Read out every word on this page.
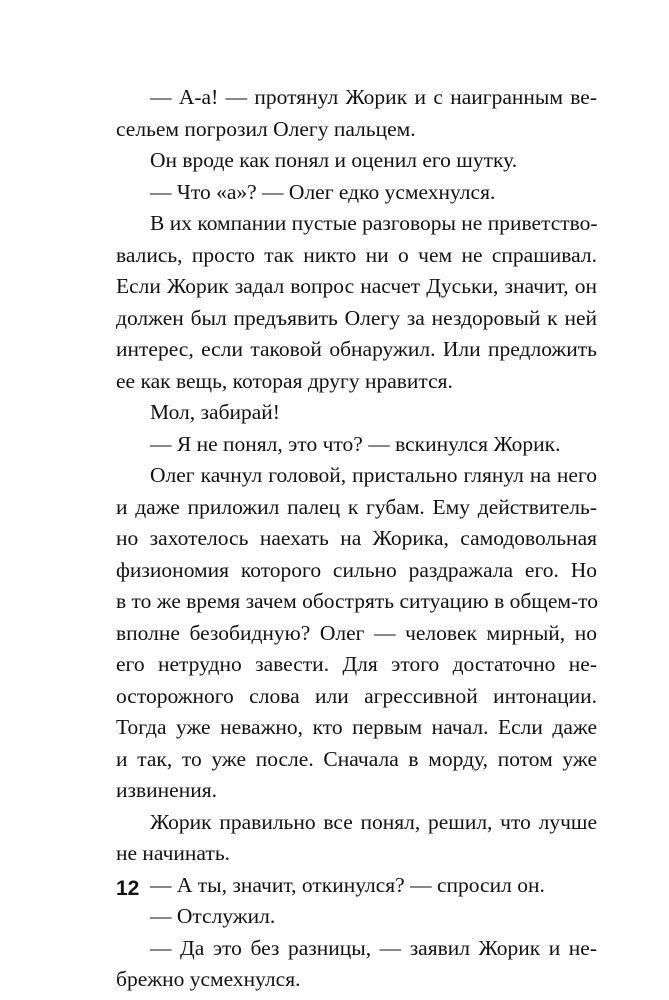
— А-а! — протянул Жорик и с наигранным ве-
сельем погрозил Олегу пальцем.
Он вроде как понял и оценил его шутку.
— Что «а»? — Олег едко усмехнулся.
В их компании пустые разговоры не приветство-
вались, просто так никто ни о чем не спрашивал.
Если Жорик задал вопрос насчет Дуськи, значит, он
должен был предъявить Олегу за нездоровый к ней
интерес, если таковой обнаружил. Или предложить
ее как вещь, которая другу нравится.
Мол, забирай!
— Я не понял, это что? — вскинулся Жорик.
Олег качнул головой, пристально глянул на него
и даже приложил палец к губам. Ему действитель-
но захотелось наехать на Жорика, самодовольная
физиономия которого сильно раздражала его. Но
в то же время зачем обострять ситуацию в общем-то
вполне безобидную? Олег — человек мирный, но
его нетрудно завести. Для этого достаточно не-
осторожного слова или агрессивной интонации.
Тогда уже неважно, кто первым начал. Если даже
и так, то уже после. Сначала в морду, потом уже
извинения.
Жорик правильно все понял, решил, что лучше
не начинать.
— А ты, значит, откинулся? — спросил он.
— Отслужил.
— Да это без разницы, — заявил Жорик и не-
брежно усмехнулся.
12
